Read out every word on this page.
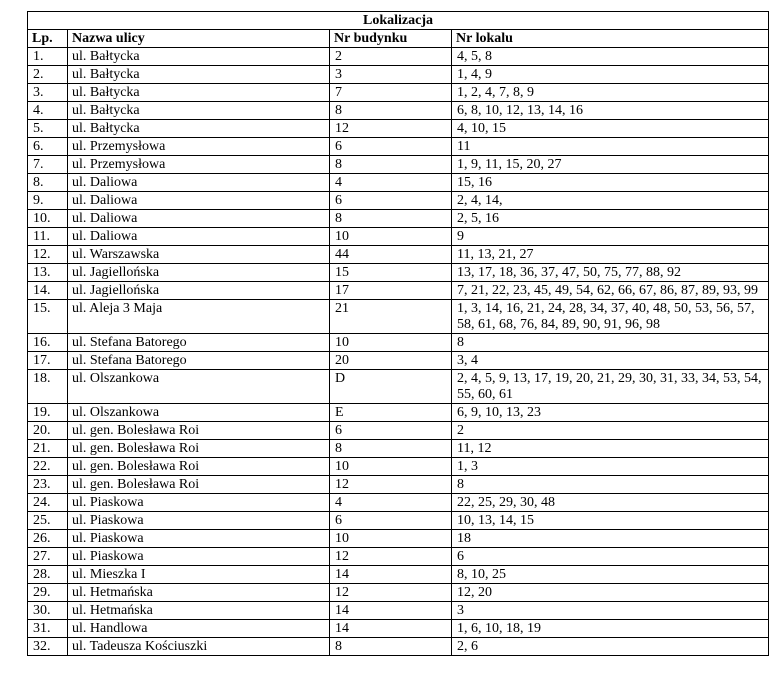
Lokalizacja			
Lp.	Nazwa ulicy	Nr budynku	Nr lokalu
1.	ul. Bałtycka	2	4, 5, 8
2.	ul. Bałtycka	3	1, 4, 9
3.	ul. Bałtycka	7	1, 2, 4, 7, 8, 9
4.	ul. Bałtycka	8	6, 8, 10, 12, 13, 14, 16
5.	ul. Bałtycka	12	4, 10, 15
6.	ul. Przemysłowa	6	11
7.	ul. Przemysłowa	8	1, 9, 11, 15, 20, 27
8.	ul. Daliowa	4	15, 16
9.	ul. Daliowa	6	2, 4, 14,
10.	ul. Daliowa	8	2, 5, 16
11.	ul. Daliowa	10	9
12.	ul. Warszawska	44	11, 13, 21, 27
13.	ul. Jagiellońska	15	13, 17, 18, 36, 37, 47, 50, 75, 77, 88, 92
14.	ul. Jagiellońska	17	7, 21, 22, 23, 45, 49, 54, 62, 66, 67, 86, 87, 89, 93, 99
15.	ul. Aleja 3 Maja	21	1, 3, 14, 16, 21, 24, 28, 34, 37, 40, 48, 50, 53, 56, 57, 58, 61, 68, 76, 84, 89, 90, 91, 96, 98
16.	ul. Stefana Batorego	10	8
17.	ul. Stefana Batorego	20	3, 4
18.	ul. Olszankowa	D	2, 4, 5, 9, 13, 17, 19, 20, 21, 29, 30, 31, 33, 34, 53, 54, 55, 60, 61
19.	ul. Olszankowa	E	6, 9, 10, 13, 23
20.	ul. gen. Bolesława Roi	6	2
21.	ul. gen. Bolesława Roi	8	11, 12
22.	ul. gen. Bolesława Roi	10	1, 3
23.	ul. gen. Bolesława Roi	12	8
24.	ul. Piaskowa	4	22, 25, 29, 30, 48
25.	ul. Piaskowa	6	10, 13, 14, 15
26.	ul. Piaskowa	10	18
27.	ul. Piaskowa	12	6
28.	ul. Mieszka I	14	8, 10, 25
29.	ul. Hetmańska	12	12, 20
30.	ul. Hetmańska	14	3
31.	ul. Handlowa	14	1, 6, 10, 18, 19
32.	ul. Tadeusza Kościuszki	8	2, 6
